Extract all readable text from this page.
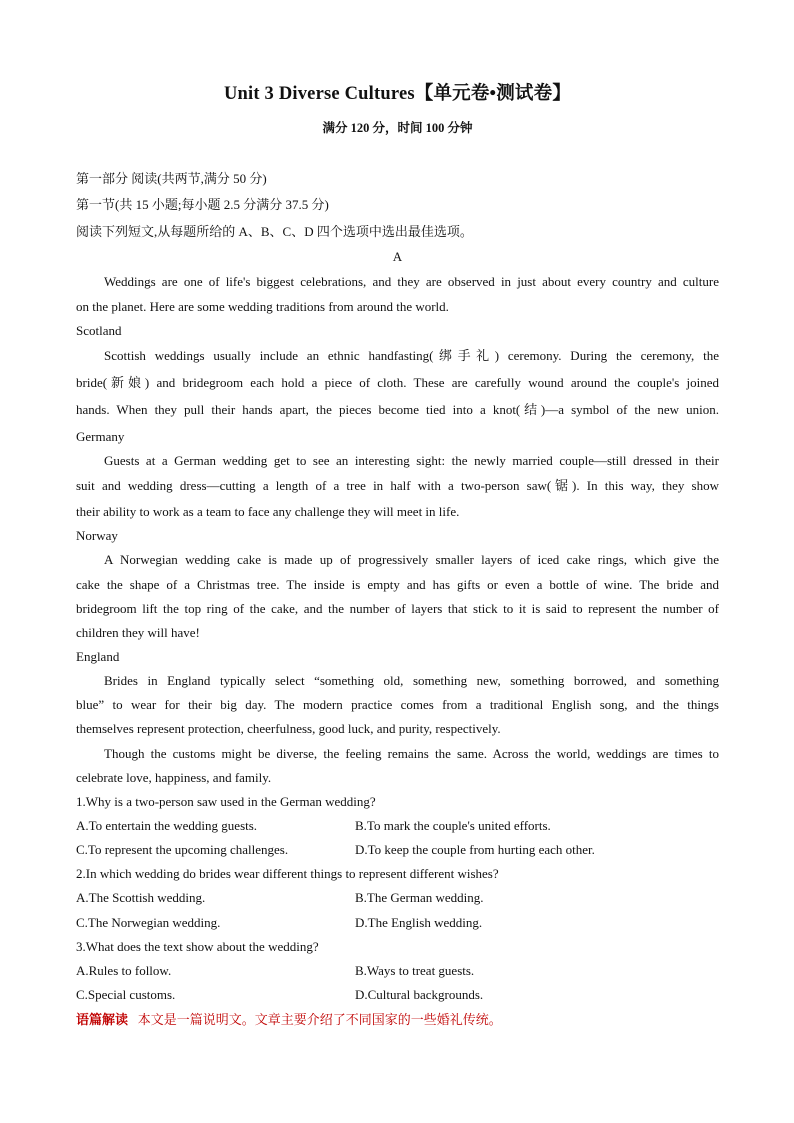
Unit 3 Diverse Cultures【单元卷•测试卷】
满分 120 分，时间 100 分钟
第一部分 阅读(共两节,满分 50 分)
第一节(共 15 小题;每小题 2.5 分满分 37.5 分)
阅读下列短文,从每题所给的 A、B、C、D 四个选项中选出最佳选项。
A
Weddings are one of life's biggest celebrations, and they are observed in just about every country and culture
on the planet. Here are some wedding traditions from around the world.
Scotland
Scottish weddings usually include an ethnic handfasting(绑手礼) ceremony. During the ceremony, the
bride(新娘) and bridegroom each hold a piece of cloth. These are carefully wound around the couple's joined
hands. When they pull their hands apart, the pieces become tied into a knot(结)—a symbol of the new union.
Germany
Guests at a German wedding get to see an interesting sight: the newly married couple—still dressed in their
suit and wedding dress—cutting a length of a tree in half with a two-person saw(锯). In this way, they show
their ability to work as a team to face any challenge they will meet in life.
Norway
A Norwegian wedding cake is made up of progressively smaller layers of iced cake rings, which give the
cake the shape of a Christmas tree. The inside is empty and has gifts or even a bottle of wine. The bride and
bridegroom lift the top ring of the cake, and the number of layers that stick to it is said to represent the number of
children they will have!
England
Brides in England typically select “something old, something new, something borrowed, and something
blue” to wear for their big day. The modern practice comes from a traditional English song, and the things
themselves represent protection, cheerfulness, good luck, and purity, respectively.
Though the customs might be diverse, the feeling remains the same. Across the world, weddings are times to
celebrate love, happiness, and family.
1.Why is a two-person saw used in the German wedding?
A.To entertain the wedding guests.	B.To mark the couple's united efforts.
C.To represent the upcoming challenges.	D.To keep the couple from hurting each other.
2.In which wedding do brides wear different things to represent different wishes?
A.The Scottish wedding.	B.The German wedding.
C.The Norwegian wedding.	D.The English wedding.
3.What does the text show about the wedding?
A.Rules to follow.	B.Ways to treat guests.
C.Special customs.	D.Cultural backgrounds.
语篇解读 本文是一篇说明文。文章主要介绍了不同国家的一些婚礼传统。
